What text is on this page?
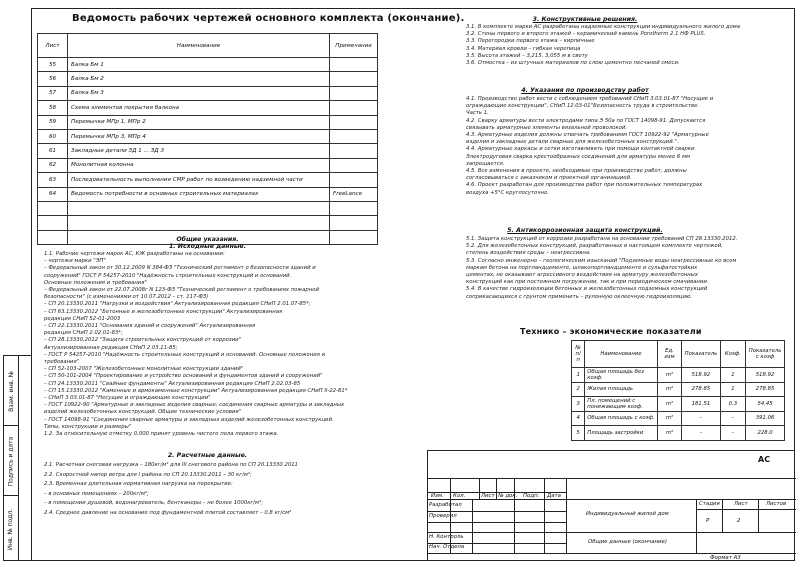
Взам. инв. №
Подпись и дата
Инв. № подл.
Ведомость рабочих чертежей основного комплекта (окончание).
Лист	Наименование	Примечание
55	Балка Бм 1	
56	Балка Бм 2	
57	Балка Бм 3	
58	Схема элементов покрытия балкона	
59	Перемычки МПр 1, МПр 2	
60	Перемычки МПр 3, МПр 4	
61	Закладные детали ЗД 1 ... ЗД 3	
62	Монолитная колонна	
63	Последовательность выполнения СМР работ по возведению надземной части	
64	Ведомость потребности в основных строительных материалах	FreeLance

Общие указания.
1. Исходные данные.
1.1. Рабочие чертежи марок АС, КЖ разработаны на основании:
– чертежи марки "ЭП"
– Федеральный закон от 30.12.2009 N 384-ФЗ "Технический регламент о безопасности зданий и
сооружений" ГОСТ Р 54257-2010 "Надёжность строительных конструкций и оснований.
Основные положения и требования"
– Федеральный закон от 22.07.2008г N 123-ФЗ "Технический регламент о требованиях пожарной
безопасности" (с изменениями от 10.07.2012 – ст. 117-ФЗ)
– СП 20.13330.2011 "Нагрузки и воздействия" Актуализированная редакция СНиП 2.01.07-85*;
– СП 63.13330.2012 "Бетонные и железобетонные конструкции" Актуализированная
редакция СНиП 52-01-2003
– СП 22.13330.2011 "Основания зданий и сооружений" Актуализированная
редакция СНиП 2.02.01-83*;
– СП 28.13330.2012 "Защита строительных конструкций от коррозии"
Актуализированная редакция СНиП 2.03.11-85;
– ГОСТ Р 54257-2010 "Надёжность строительных конструкций и оснований. Основные положения и
требования"
– СП 52-103-2007 "Железобетонные монолитные конструкции зданий"
– СП 50-101-2004 "Проектирование и устройство оснований и фундаментов зданий и сооружений"
– СП 24.13330.2011 "Свайные фундаменты" Актуализированная редакция СНиП 2.02.03-85
– СП 15.13330.2012 "Каменные и армокаменные конструкции" Актуализированная редакция СНиП II-22-81*
– СНиП 3.03.01-87 "Несущие и ограждающие конструкции"
– ГОСТ 10922-90 "Арматурные и закладные изделия сварные, соединения сварные арматуры и закладных
изделий железобетонных конструкций. Общие технические условия"
– ГОСТ 14098-91 "Соединения сварные арматуры и закладных изделий железобетонных конструкций.
Типы, конструкции и размеры"
1.2. За относительную отметку 0,000 принят уровень чистого пола первого этажа.
2. Расчетные данные.
2.1. Расчетная снеговая нагрузка – 180кг/м² для III снегового района по СП 20.13330.2011
2.2. Скоростной напор ветра для I района по СП 20.13330.2011 – 30 кг/м²;
2.3. Временная длительная нормативная нагрузка на перекрытие:
– в основных помещениях – 200кг/м²;
– в помещении душевой, водонагреватель, бентканеры – не более 1000кг/м²;
2.4. Среднее давление на основание под фундаментной плитой составляет – 0,8 кг/см²
3. Конструктивные решения.
3.1. В комплекте марки АС разработаны надземные конструкции индивидуального жилого дома
3.2. Стены первого и второго этажей – керамический камень Porotherm 2.1 НФ PLUS.
3.3. Перегородки первого этажа – кирпичные
3.4. Материал кровли – гибкая черепица
3.5. Высота этажей – 3,215, 3,055 м в свету
3.6. Отмостка – из штучных материалов по слою цементно песчаной смеси.
4. Указания по производству работ
4.1. Производство работ вести с соблюдением требований СНиП 3.03.01-87 "Несущие и
ограждающие конструкции", СНиП 12.03-01"Безопасность труда в строительстве.
Часть 1.
4.2. Сварку арматуры вести электродами типа Э 50а по ГОСТ 14098-91. Допускается
связывать арматурные элементы вязальной проволокой.
4.3. Арматурные изделия должны отвечать требованиям ГОСТ 10922-92 "Арматурные
изделия и закладные детали сварные для железобетонных конструкций.".
4.4. Арматурные каркасы и сетки изготавливать при помощи контактной сварки.
Электродуговая сварка крестообразных соединений для арматуры менее 6 мм
запрещается.
4.5. Все изменения в проекте, необходимые при производстве работ, должны
согласовываться с заказчиком и проектной организацией.
4.6. Проект разработан для производства работ при положительных температурах
воздуха +5°С круглосуточно.
5. Антикоррозионная защита конструкций.
5.1. Защита конструкций от коррозии разработана на основании требований СП 28.13330.2012.
5.2. Для железобетонных конструкций, разработанных в настоящем комплекте чертежей,
степень воздействия среды – неагрессивна.
5.3. Согласно инженерно – геологическим изысканий "Подземные воды неагрессивные ко всем
маркам бетона на портландцементе, шлакопортландцементе и сульфатостойких
цементах, не оказывают агрессивного воздействия на арматуру железобетонных
конструкций как при постоянном погружении, так и при периодическом смачивании.
5.4. В качестве гидроизоляции бетонных и железобетонных подземных конструкций
соприкасающихся с грунтом применить – рулонную оклеечную гидроизоляцию.
Технико – экономические показатели
№ п/п	Наименование	Ед. изм	Показатель	Коэф.	Показатель с коэф
1	Общая площадь без коэф.	m²	518.92	1	518.92
2	Жилая площадь	m²	278.85	1	278.85
3	Пл. помещений с понижающим коэф.	m²	181.51	0.3	54.45
4	Общая площадь с коэф.	m²	-	-	391.06
5	Площадь застройки	m²	-	-	228.0
АС
Изм. Кол.	Лист № док. Подп. Дата
Разработал
Проверил
Н. Контроль
Нач. Отдела
Индивидуальный жилой дом
Стадия	Лист	Листов
Р	2
Общие данные (окончание)
Формат А3
